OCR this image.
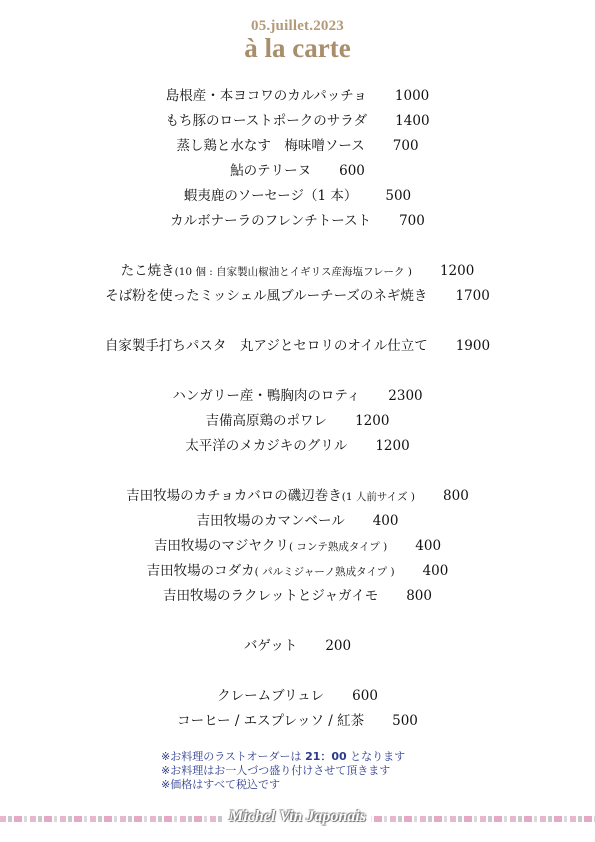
05.juillet.2023
à la carte
島根産・本ヨコワのカルパッチョ 1000
もち豚のローストポークのサラダ 1400
蒸し鶏と水なす　梅味噌ソース 700
鮎のテリーヌ 600
蝦夷鹿のソーセージ（1 本） 500
カルボナーラのフレンチトースト 700
たこ焼き(10 個 : 自家製山椒油とイギリス産海塩フレーク ) 1200
そば粉を使ったミッシェル風ブルーチーズのネギ焼き 1700
自家製手打ちパスタ　丸アジとセロリのオイル仕立て 1900
ハンガリー産・鴨胸肉のロティ 2300
吉備高原鶏のポワレ 1200
太平洋のメカジキのグリル 1200
吉田牧場のカチョカバロの磯辺巻き(1 人前サイズ ) 800
吉田牧場のカマンベール 400
吉田牧場のマジヤクリ( コンテ熟成タイプ ) 400
吉田牧場のコダカ( パルミジャーノ熟成タイプ ) 400
吉田牧場のラクレットとジャガイモ 800
バゲット 200
クレームブリュレ 600
コーヒー / エスプレッソ / 紅茶 500
※お料理のラストオーダーは 21：00 となります
※お料理はお一人づつ盛り付けさせて頂きます
※価格はすべて税込です
Michel Vin Japonais
